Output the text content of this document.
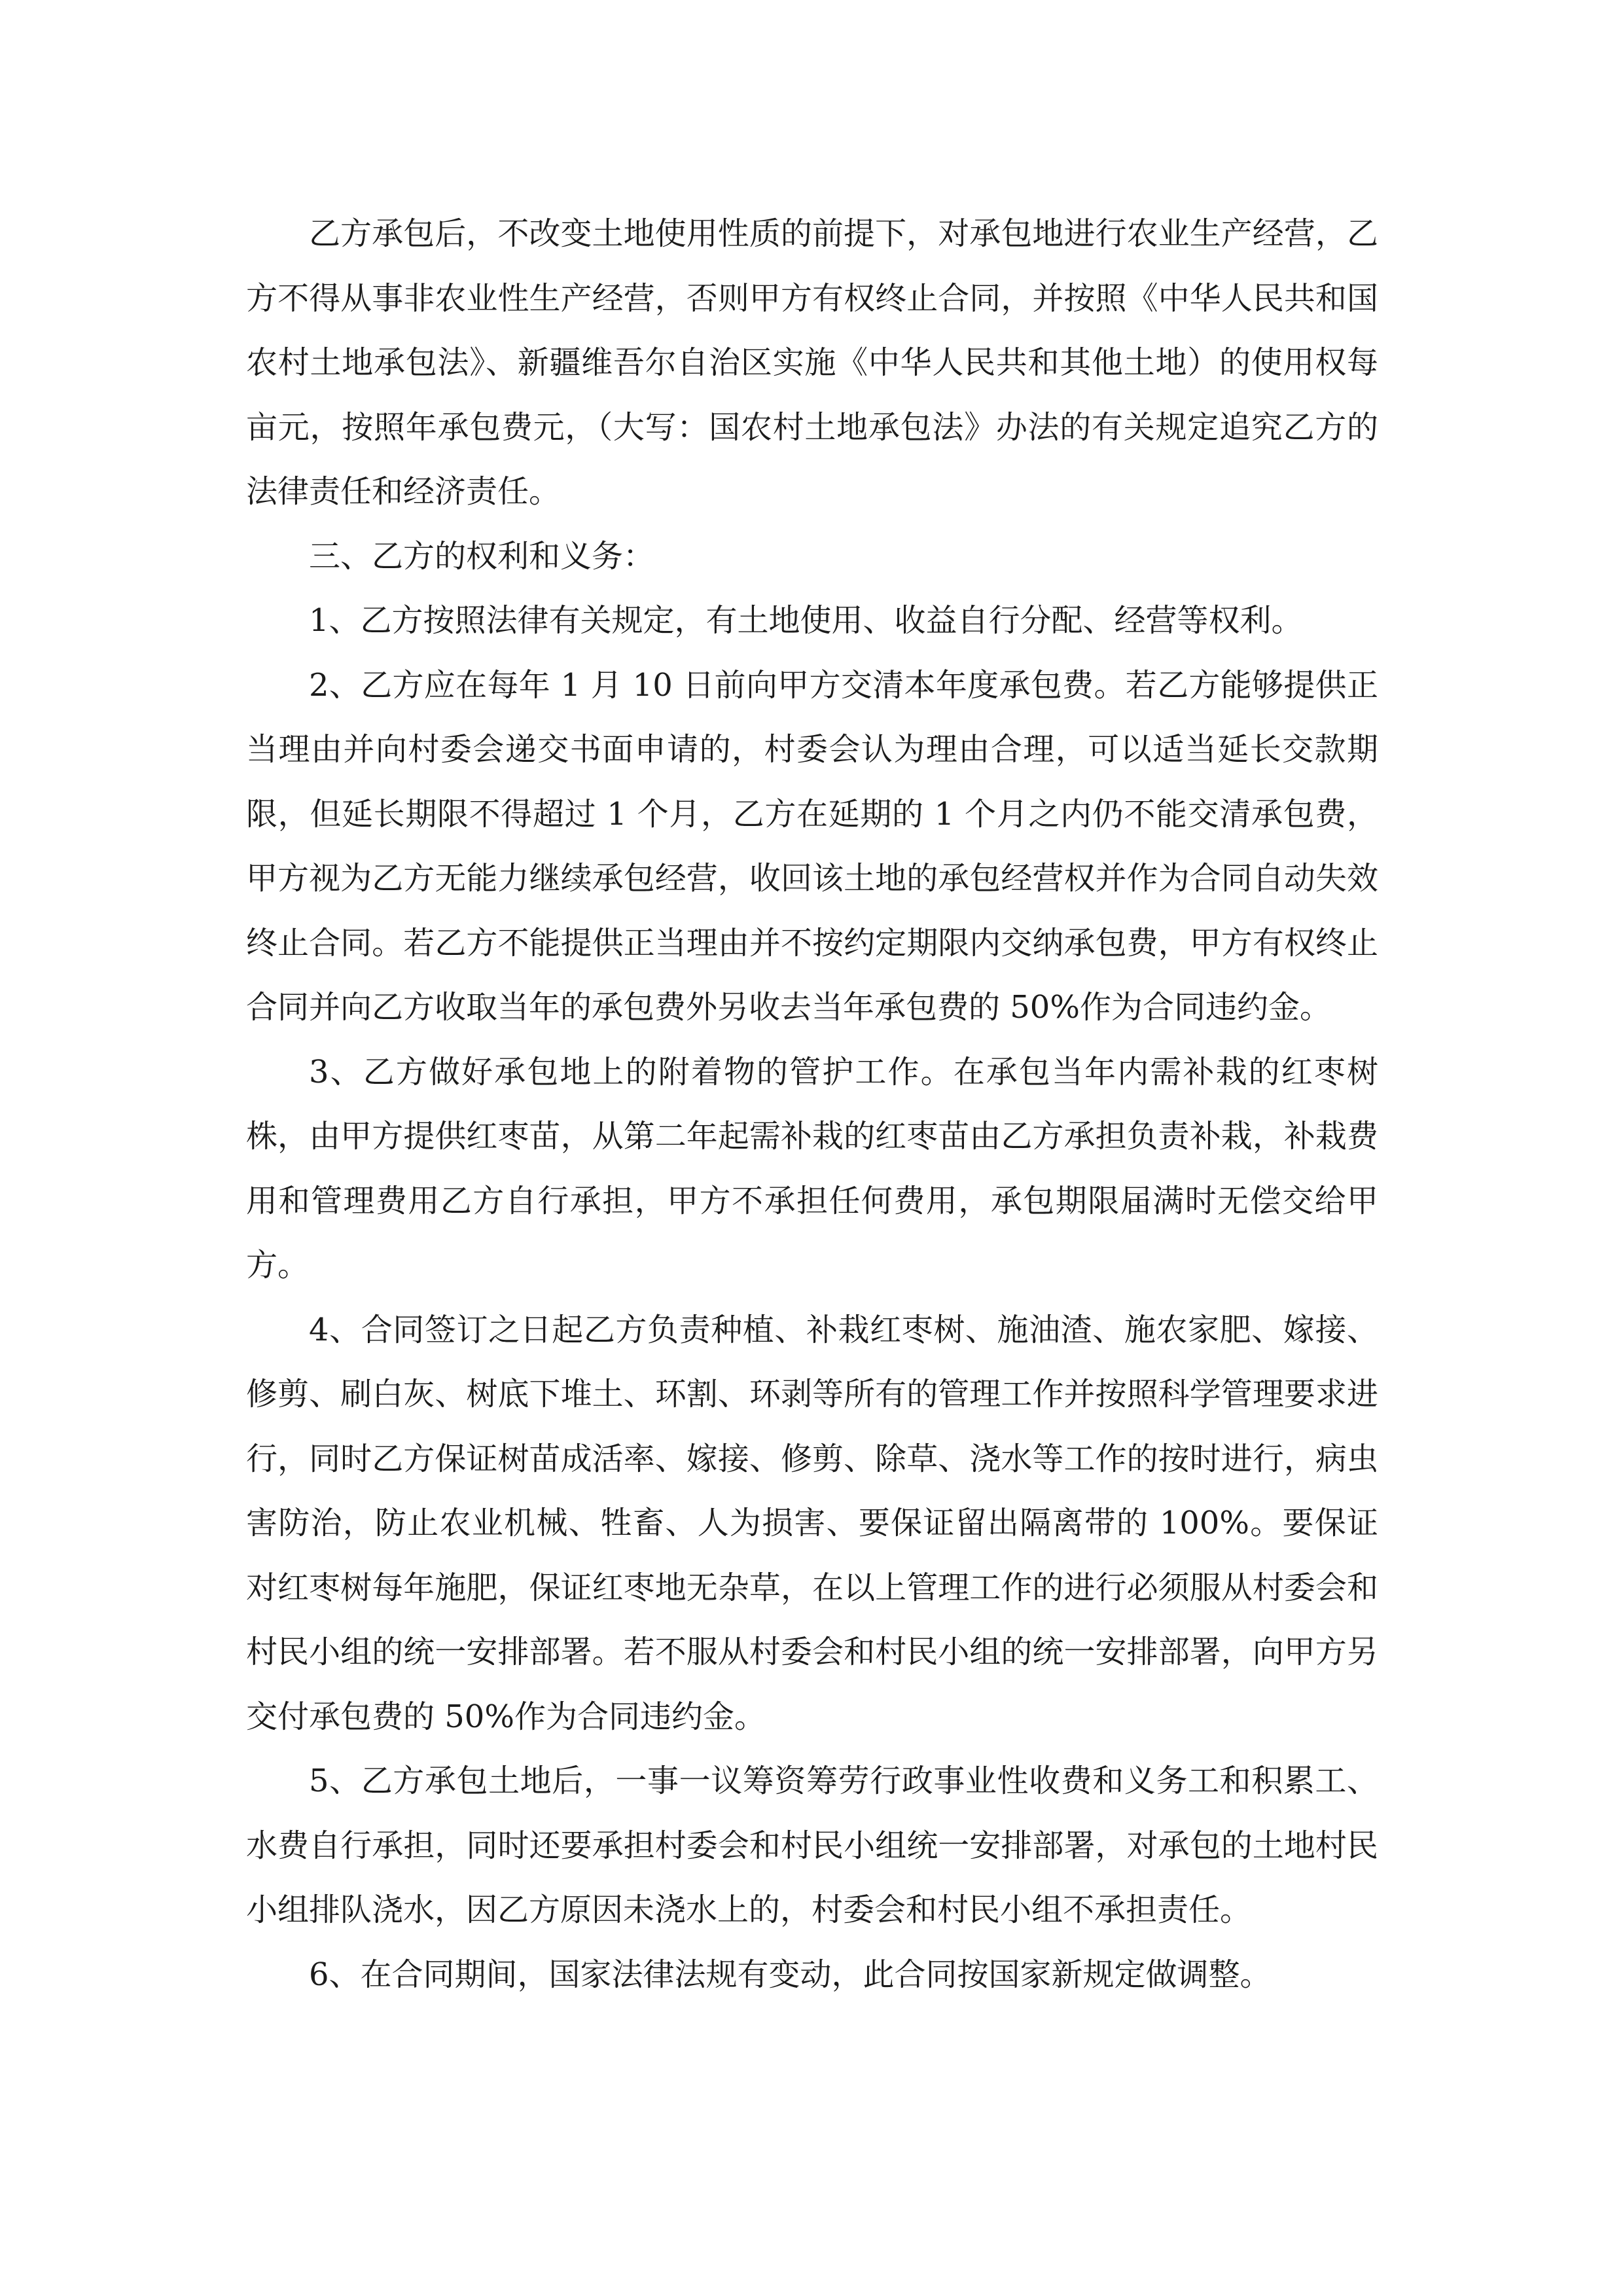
乙方承包后，不改变土地使用性质的前提下，对承包地进行农业生产经营，乙方不得从事非农业性生产经营，否则甲方有权终止合同，并按照《中华人民共和国农村土地承包法》、新疆维吾尔自治区实施《中华人民共和其他土地）的使用权每亩元，按照年承包费元，（大写：国农村土地承包法》办法的有关规定追究乙方的法律责任和经济责任。

三、乙方的权利和义务：

1、乙方按照法律有关规定，有土地使用、收益自行分配、经营等权利。

2、乙方应在每年 1 月 10 日前向甲方交清本年度承包费。若乙方能够提供正当理由并向村委会递交书面申请的，村委会认为理由合理，可以适当延长交款期限，但延长期限不得超过 1 个月，乙方在延期的 1 个月之内仍不能交清承包费，甲方视为乙方无能力继续承包经营，收回该土地的承包经营权并作为合同自动失效终止合同。若乙方不能提供正当理由并不按约定期限内交纳承包费，甲方有权终止合同并向乙方收取当年的承包费外另收去当年承包费的 50%作为合同违约金。

3、乙方做好承包地上的附着物的管护工作。在承包当年内需补栽的红枣树株，由甲方提供红枣苗，从第二年起需补栽的红枣苗由乙方承担负责补栽，补栽费用和管理费用乙方自行承担，甲方不承担任何费用，承包期限届满时无偿交给甲方。

4、合同签订之日起乙方负责种植、补栽红枣树、施油渣、施农家肥、嫁接、修剪、刷白灰、树底下堆土、环割、环剥等所有的管理工作并按照科学管理要求进行，同时乙方保证树苗成活率、嫁接、修剪、除草、浇水等工作的按时进行，病虫害防治，防止农业机械、牲畜、人为损害、要保证留出隔离带的 100%。要保证对红枣树每年施肥，保证红枣地无杂草，在以上管理工作的进行必须服从村委会和村民小组的统一安排部署。若不服从村委会和村民小组的统一安排部署，向甲方另交付承包费的 50%作为合同违约金。

5、乙方承包土地后，一事一议筹资筹劳行政事业性收费和义务工和积累工、水费自行承担，同时还要承担村委会和村民小组统一安排部署，对承包的土地村民小组排队浇水，因乙方原因未浇水上的，村委会和村民小组不承担责任。

6、在合同期间，国家法律法规有变动，此合同按国家新规定做调整。
